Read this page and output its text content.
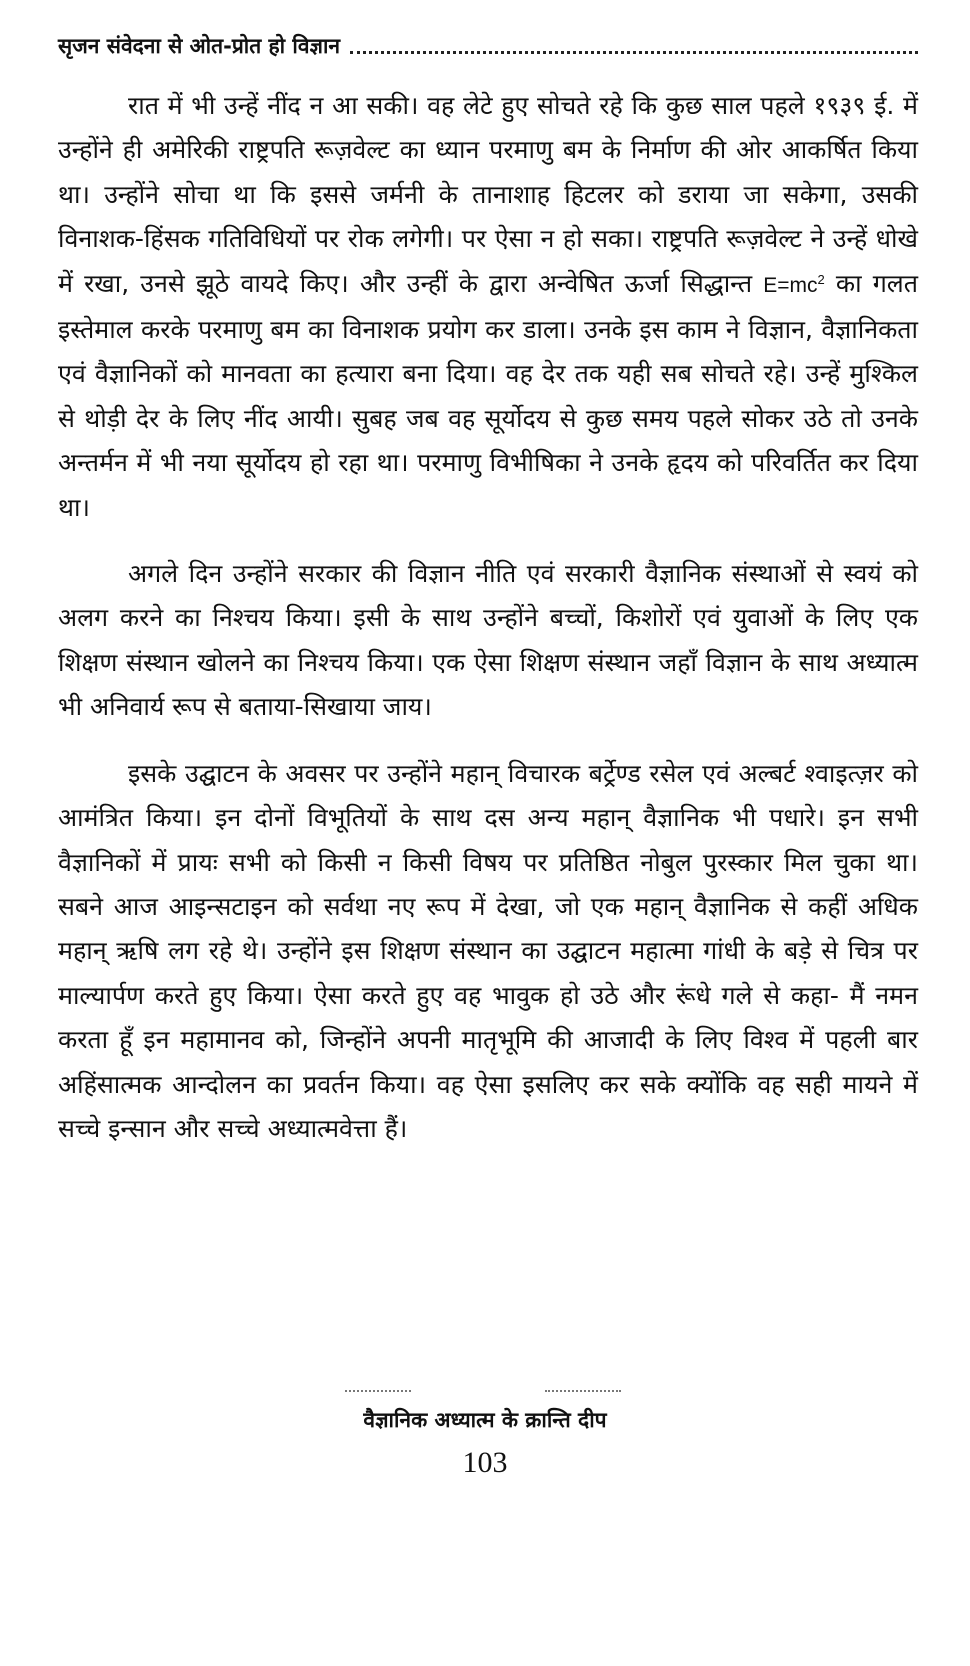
सृजन संवेदना से ओत-प्रोत हो विज्ञान

रात में भी उन्हें नींद न आ सकी। वह लेटे हुए सोचते रहे कि कुछ साल पहले १९३९ ई. में उन्होंने ही अमेरिकी राष्ट्रपति रूज़वेल्ट का ध्यान परमाणु बम के निर्माण की ओर आकर्षित किया था। उन्होंने सोचा था कि इससे जर्मनी के तानाशाह हिटलर को डराया जा सकेगा, उसकी विनाशक-हिंसक गतिविधियों पर रोक लगेगी। पर ऐसा न हो सका। राष्ट्रपति रूज़वेल्ट ने उन्हें धोखे में रखा, उनसे झूठे वायदे किए। और उन्हीं के द्वारा अन्वेषित ऊर्जा सिद्धान्त $E=mc^2$ का गलत इस्तेमाल करके परमाणु बम का विनाशक प्रयोग कर डाला। उनके इस काम ने विज्ञान, वैज्ञानिकता एवं वैज्ञानिकों को मानवता का हत्यारा बना दिया। वह देर तक यही सब सोचते रहे। उन्हें मुश्किल से थोड़ी देर के लिए नींद आयी। सुबह जब वह सूर्योदय से कुछ समय पहले सोकर उठे तो उनके अन्तर्मन में भी नया सूर्योदय हो रहा था। परमाणु विभीषिका ने उनके हृदय को परिवर्तित कर दिया था।

अगले दिन उन्होंने सरकार की विज्ञान नीति एवं सरकारी वैज्ञानिक संस्थाओं से स्वयं को अलग करने का निश्चय किया। इसी के साथ उन्होंने बच्चों, किशोरों एवं युवाओं के लिए एक शिक्षण संस्थान खोलने का निश्चय किया। एक ऐसा शिक्षण संस्थान जहाँ विज्ञान के साथ अध्यात्म भी अनिवार्य रूप से बताया-सिखाया जाय।

इसके उद्घाटन के अवसर पर उन्होंने महान् विचारक बर्ट्रेण्ड रसेल एवं अल्बर्ट श्वाइत्ज़र को आमंत्रित किया। इन दोनों विभूतियों के साथ दस अन्य महान् वैज्ञानिक भी पधारे। इन सभी वैज्ञानिकों में प्रायः सभी को किसी न किसी विषय पर प्रतिष्ठित नोबुल पुरस्कार मिल चुका था। सबने आज आइन्सटाइन को सर्वथा नए रूप में देखा, जो एक महान् वैज्ञानिक से कहीं अधिक महान् ऋषि लग रहे थे। उन्होंने इस शिक्षण संस्थान का उद्घाटन महात्मा गांधी के बड़े से चित्र पर माल्यार्पण करते हुए किया। ऐसा करते हुए वह भावुक हो उठे और रूंधे गले से कहा- मैं नमन करता हूँ इन महामानव को, जिन्होंने अपनी मातृभूमि की आजादी के लिए विश्व में पहली बार अहिंसात्मक आन्दोलन का प्रवर्तन किया। वह ऐसा इसलिए कर सके क्योंकि वह सही मायने में सच्चे इन्सान और सच्चे अध्यात्मवेत्ता हैं।

वैज्ञानिक अध्यात्म के क्रान्ति दीप
103
